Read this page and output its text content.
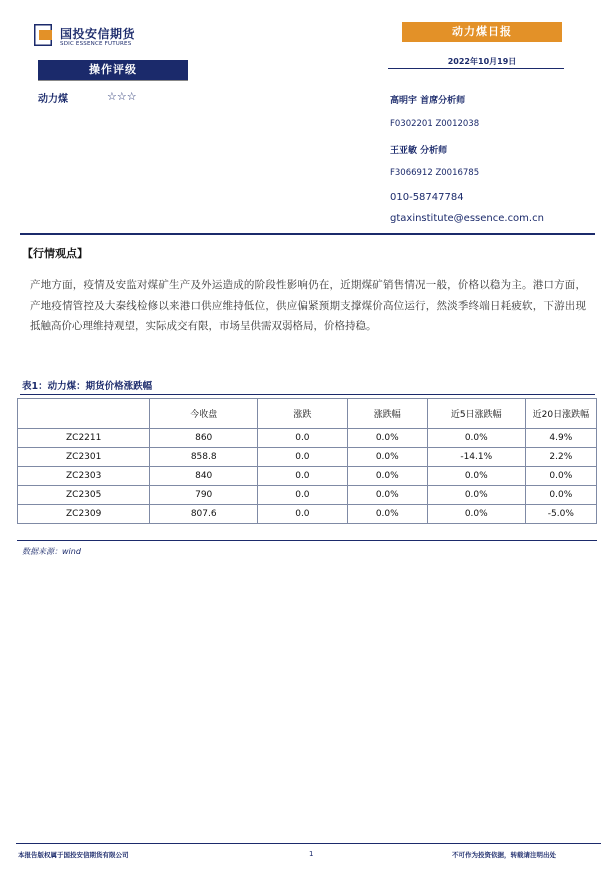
国投安信期货
SDIC ESSENCE FUTURES
动力煤日报
2022年10月19日
操作评级
动力煤	☆☆☆	高明宇 首席分析师
F0302201 Z0012038
王亚敏 分析师
F3066912 Z0016785
010-58747784
gtaxinstitute@essence.com.cn
【行情观点】
产地方面，疫情及安监对煤矿生产及外运造成的阶段性影响仍在，近期煤矿销售情况一般，价格以稳为主。港口方面，产地疫情管控及大秦线检修以来港口供应维持低位，供应偏紧预期支撑煤价高位运行，然淡季终端日耗疲软，下游出现抵触高价心理维持观望，实际成交有限，市场呈供需双弱格局，价格持稳。
表1：动力煤：期货价格涨跌幅
	今收盘	涨跌	涨跌幅	近5日涨跌幅	近20日涨跌幅
ZC2211	860	0.0	0.0%	0.0%	4.9%
ZC2301	858.8	0.0	0.0%	-14.1%	2.2%
ZC2303	840	0.0	0.0%	0.0%	0.0%
ZC2305	790	0.0	0.0%	0.0%	0.0%
ZC2309	807.6	0.0	0.0%	0.0%	-5.0%
数据来源：wind
本报告版权属于国投安信期货有限公司	1	不可作为投资依据，转载请注明出处
